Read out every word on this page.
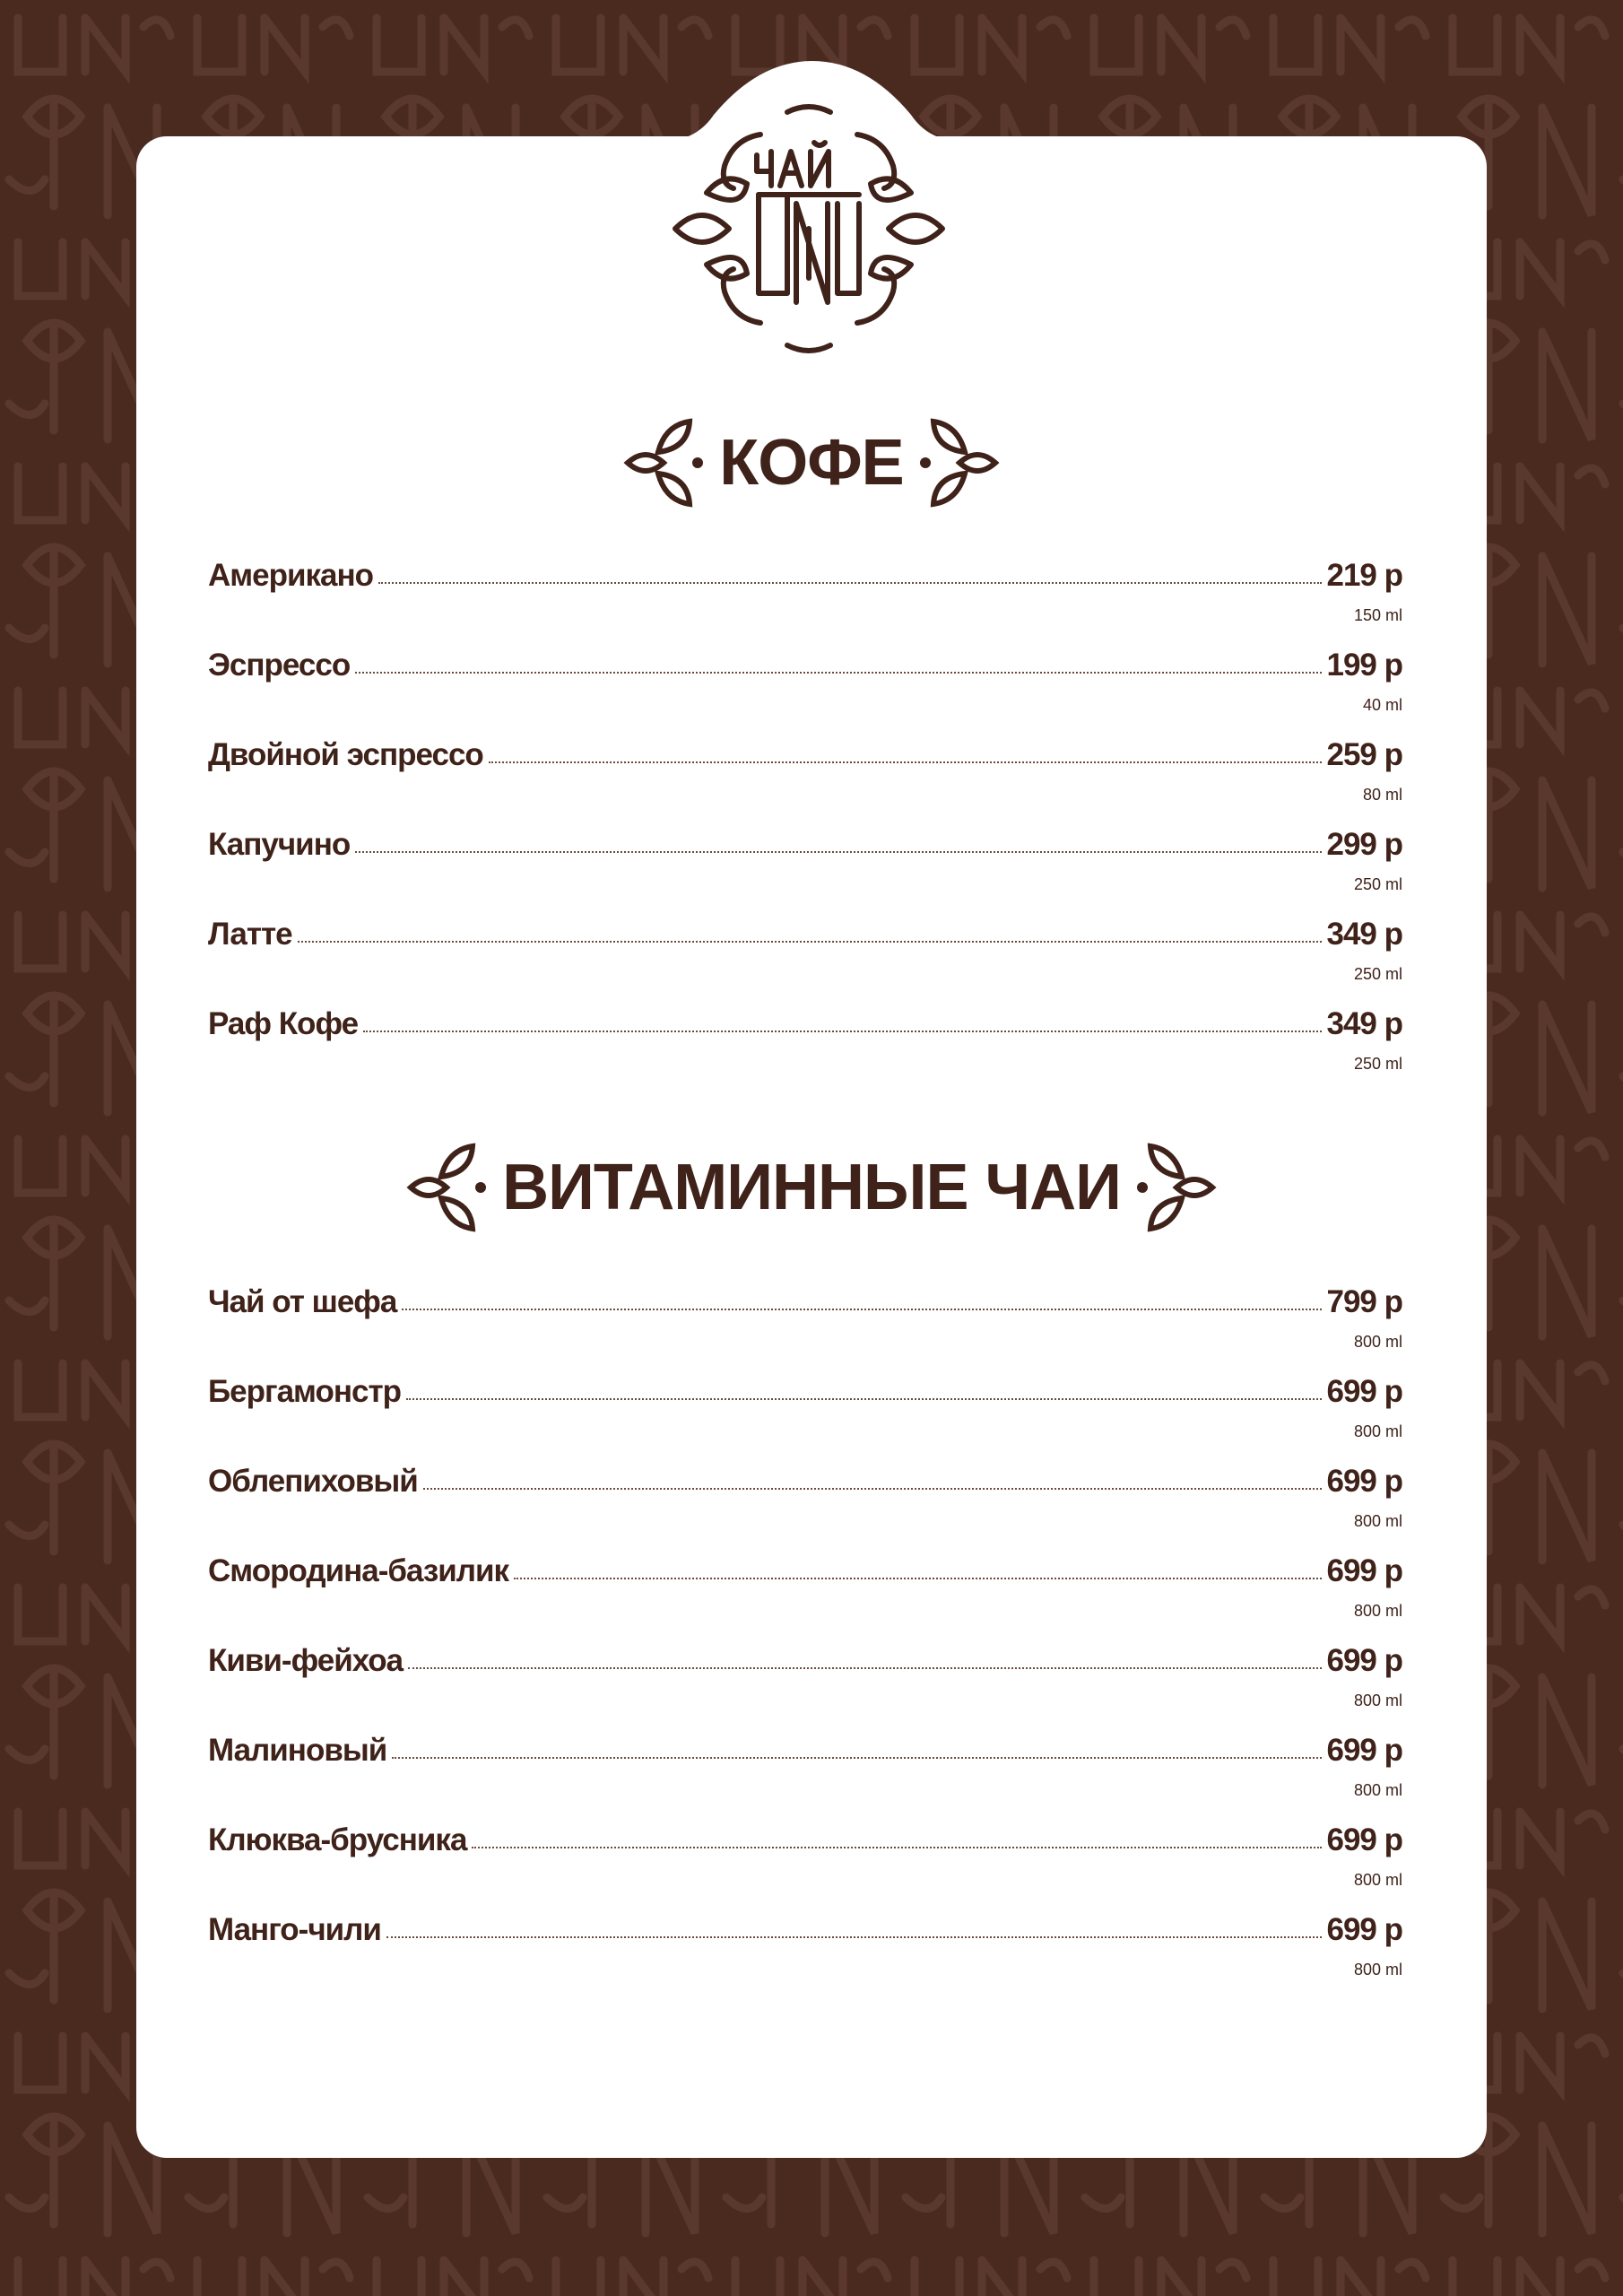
КОФЕ
Американо	219 р
150 ml
Эспрессо	199 р
40 ml
Двойной эспрессо	259 р
80 ml
Капучино	299 р
250 ml
Латте	349 р
250 ml
Раф Кофе	349 р
250 ml
ВИТАМИННЫЕ ЧАИ
Чай от шефа	799 р
800 ml
Бергамонстр	699 р
800 ml
Облепиховый	699 р
800 ml
Смородина-базилик	699 р
800 ml
Киви-фейхоа	699 р
800 ml
Малиновый	699 р
800 ml
Клюква-брусника	699 р
800 ml
Манго-чили	699 р
800 ml
